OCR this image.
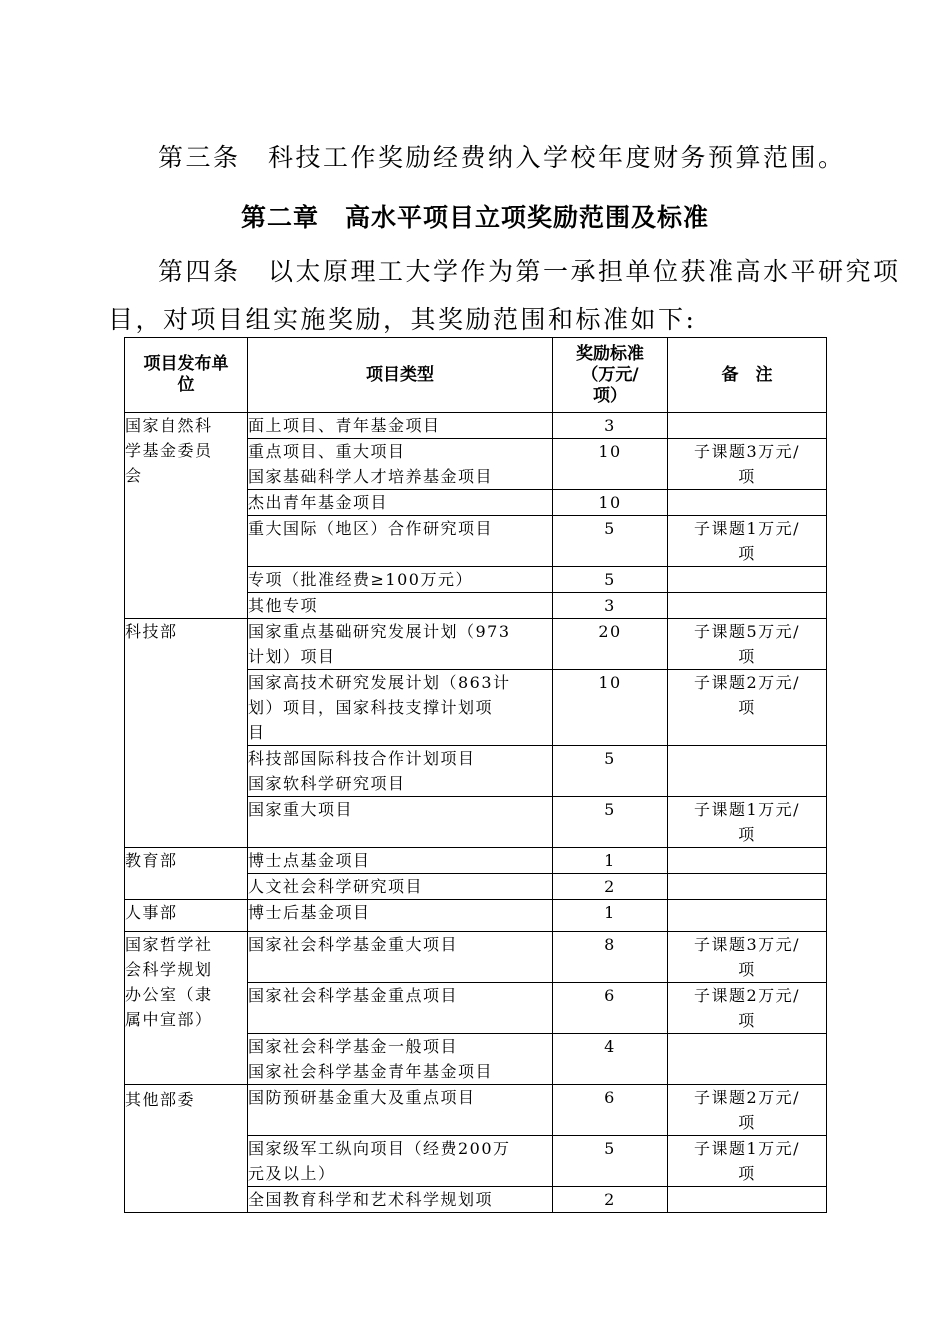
第三条　科技工作奖励经费纳入学校年度财务预算范围。

第二章　高水平项目立项奖励范围及标准

第四条　以太原理工大学作为第一承担单位获准高水平研究项

目，对项目组实施奖励，其奖励范围和标准如下:

项目发布单
位	项目类型	奖励标准
（万元/
项）	备　注

国家自然科
学基金委员
会	面上项目、青年基金项目	3	

	重点项目、重大项目
国家基础科学人才培养基金项目	10	子课题3万元/
项

	杰出青年基金项目	10	

	重大国际（地区）合作研究项目	5	子课题1万元/
项

	专项（批准经费≥100万元）	5	

	其他专项	3	

科技部	国家重点基础研究发展计划（973
计划）项目	20	子课题5万元/
项

	国家高技术研究发展计划（863计
划）项目，国家科技支撑计划项
目	10	子课题2万元/
项

	科技部国际科技合作计划项目
国家软科学研究项目	5	

	国家重大项目	5	子课题1万元/
项

教育部	博士点基金项目	1	

	人文社会科学研究项目	2	

人事部	博士后基金项目	1	

国家哲学社
会科学规划
办公室（隶
属中宣部）	国家社会科学基金重大项目	8	子课题3万元/
项

	国家社会科学基金重点项目	6	子课题2万元/
项

	国家社会科学基金一般项目
国家社会科学基金青年基金项目	4	

其他部委	国防预研基金重大及重点项目	6	子课题2万元/
项

	国家级军工纵向项目（经费200万
元及以上）	5	子课题1万元/
项

	全国教育科学和艺术科学规划项	2	
